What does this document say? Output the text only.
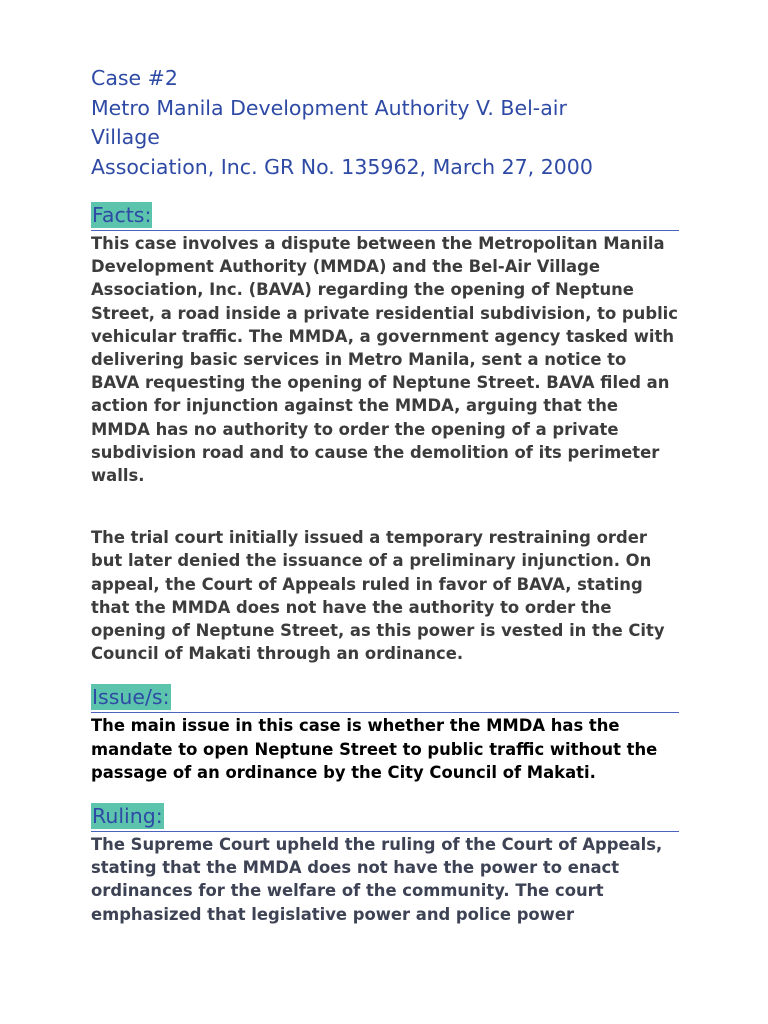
Case #2

Metro Manila Development Authority V. Bel-air

Village

Association, Inc. GR No. 135962, March 27, 2000

Facts:

This case involves a dispute between the Metropolitan Manila Development Authority (MMDA) and the Bel-Air Village Association, Inc. (BAVA) regarding the opening of Neptune Street, a road inside a private residential subdivision, to public vehicular traffic. The MMDA, a government agency tasked with delivering basic services in Metro Manila, sent a notice to BAVA requesting the opening of Neptune Street. BAVA filed an action for injunction against the MMDA, arguing that the MMDA has no authority to order the opening of a private subdivision road and to cause the demolition of its perimeter walls.

The trial court initially issued a temporary restraining order but later denied the issuance of a preliminary injunction. On appeal, the Court of Appeals ruled in favor of BAVA, stating that the MMDA does not have the authority to order the opening of Neptune Street, as this power is vested in the City Council of Makati through an ordinance.

Issue/s:

The main issue in this case is whether the MMDA has the mandate to open Neptune Street to public traffic without the passage of an ordinance by the City Council of Makati.

Ruling:

The Supreme Court upheld the ruling of the Court of Appeals, stating that the MMDA does not have the power to enact ordinances for the welfare of the community. The court emphasized that legislative power and police power
